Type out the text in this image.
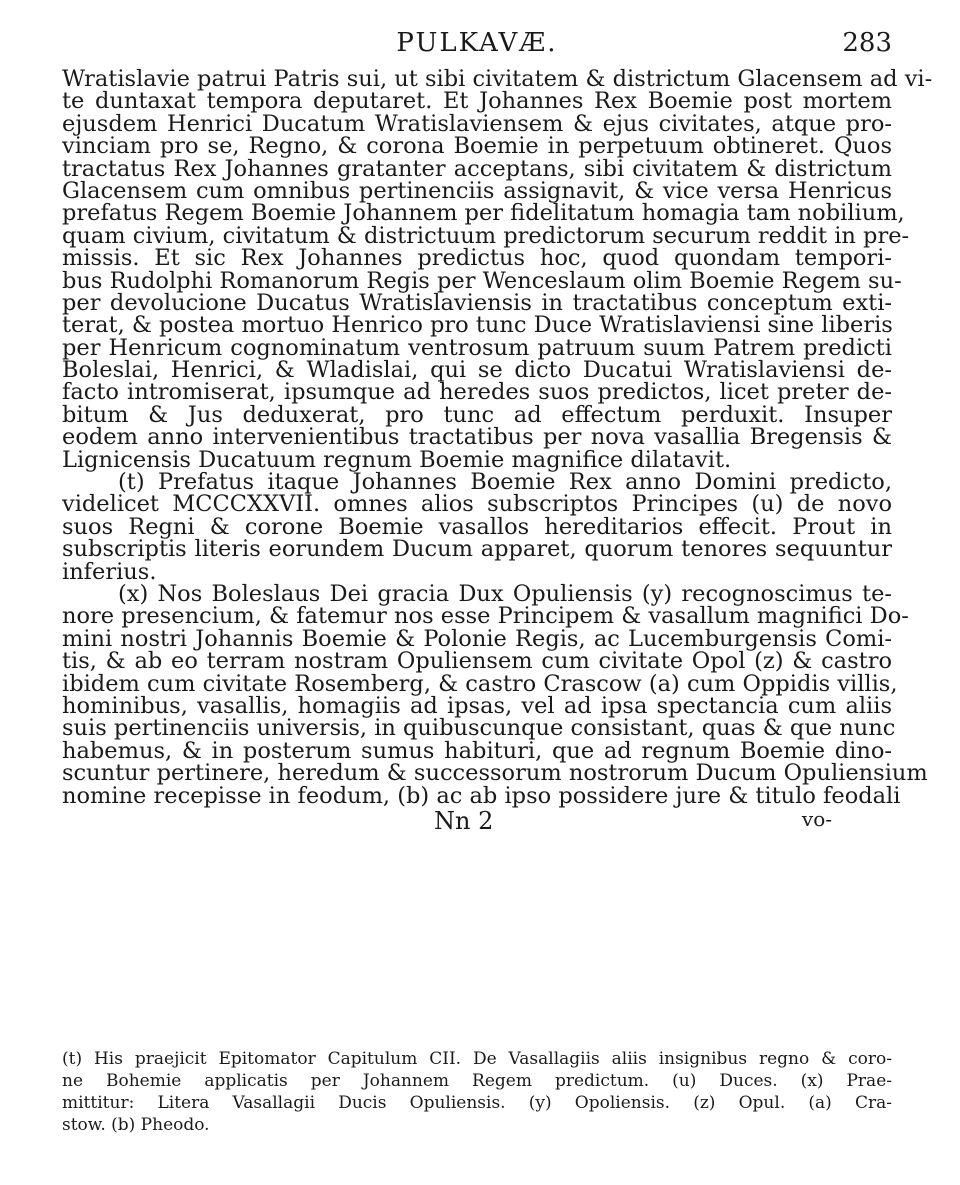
PULKAVÆ.	283
Wratislavie patrui Patris sui, ut sibi civitatem & districtum Glacensem ad vi-
te duntaxat tempora deputaret. Et Johannes Rex Boemie post mortem
ejusdem Henrici Ducatum Wratislaviensem & ejus civitates, atque pro-
vinciam pro se, Regno, & corona Boemie in perpetuum obtineret. Quos
tractatus Rex Johannes gratanter acceptans, sibi civitatem & districtum
Glacensem cum omnibus pertinenciis assignavit, & vice versa Henricus
prefatus Regem Boemie Johannem per fidelitatum homagia tam nobilium,
quam civium, civitatum & districtuum predictorum securum reddit in pre-
missis. Et sic Rex Johannes predictus hoc, quod quondam tempori-
bus Rudolphi Romanorum Regis per Wenceslaum olim Boemie Regem su-
per devolucione Ducatus Wratislaviensis in tractatibus conceptum exti-
terat, & postea mortuo Henrico pro tunc Duce Wratislaviensi sine liberis
per Henricum cognominatum ventrosum patruum suum Patrem predicti
Boleslai, Henrici, & Wladislai, qui se dicto Ducatui Wratislaviensi de-
facto intromiserat, ipsumque ad heredes suos predictos, licet preter de-
bitum & Jus deduxerat, pro tunc ad effectum perduxit. Insuper
eodem anno intervenientibus tractatibus per nova vasallia Bregensis &
Lignicensis Ducatuum regnum Boemie magnifice dilatavit.
(t) Prefatus itaque Johannes Boemie Rex anno Domini predicto,
videlicet MCCCXXVII. omnes alios subscriptos Principes (u) de novo
suos Regni & corone Boemie vasallos hereditarios effecit. Prout in
subscriptis literis eorundem Ducum apparet, quorum tenores sequuntur
inferius.
(x) Nos Boleslaus Dei gracia Dux Opuliensis (y) recognoscimus te-
nore presencium, & fatemur nos esse Principem & vasallum magnifici Do-
mini nostri Johannis Boemie & Polonie Regis, ac Lucemburgensis Comi-
tis, & ab eo terram nostram Opuliensem cum civitate Opol (z) & castro
ibidem cum civitate Rosemberg, & castro Crascow (a) cum Oppidis villis,
hominibus, vasallis, homagiis ad ipsas, vel ad ipsa spectancia cum aliis
suis pertinenciis universis, in quibuscunque consistant, quas & que nunc
habemus, & in posterum sumus habituri, que ad regnum Boemie dino-
scuntur pertinere, heredum & successorum nostrorum Ducum Opuliensium
nomine recepisse in feodum, (b) ac ab ipso possidere jure & titulo feodali
Nn 2	vo-
(t) His praejicit Epitomator Capitulum CII. De Vasallagiis aliis insignibus regno & coro-
ne Bohemie applicatis per Johannem Regem predictum. (u) Duces. (x) Prae-
mittitur: Litera Vasallagii Ducis Opuliensis. (y) Opoliensis. (z) Opul. (a) Cra-
stow. (b) Pheodo.
